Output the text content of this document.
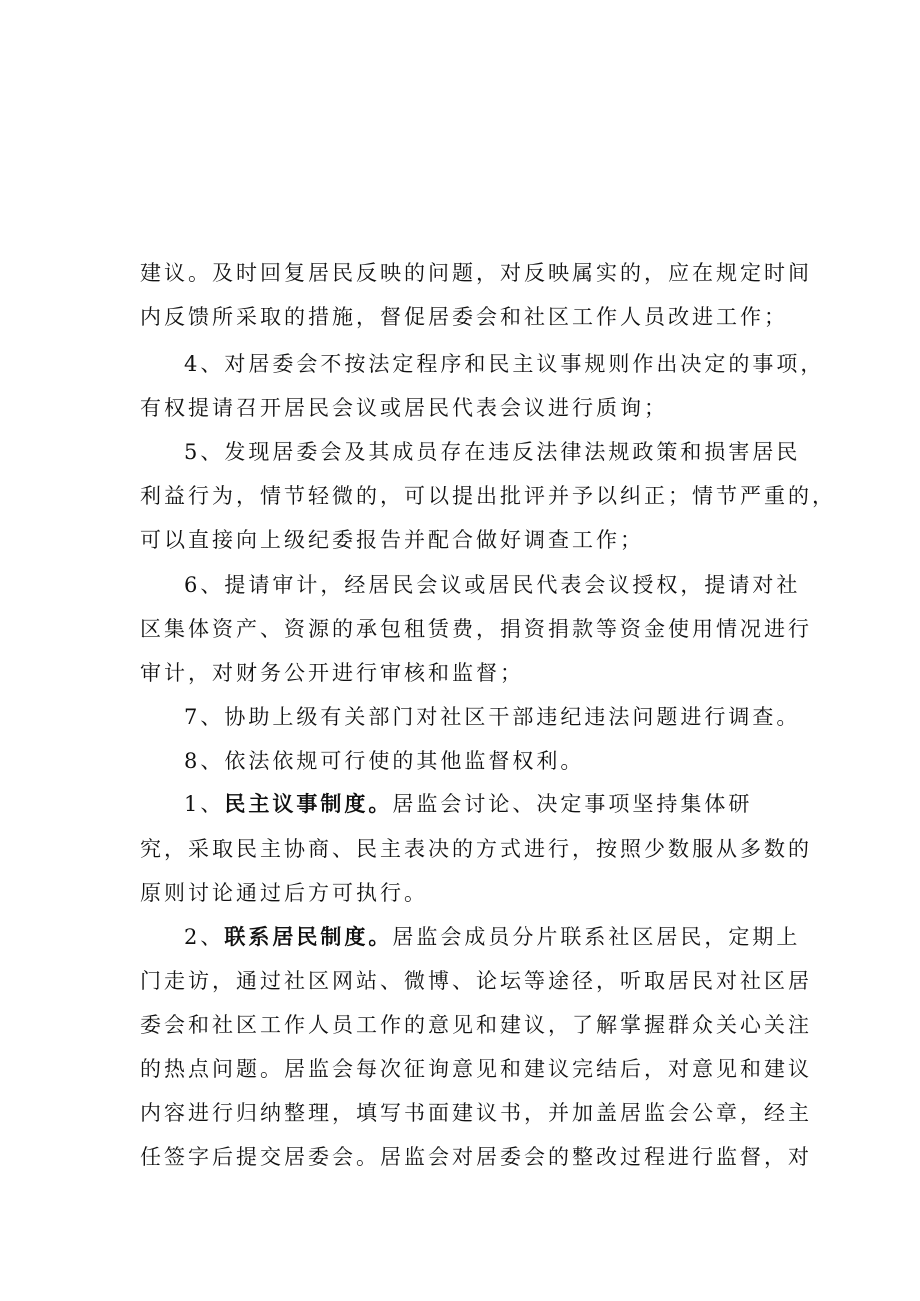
建议。及时回复居民反映的问题，对反映属实的，应在规定时间
内反馈所采取的措施，督促居委会和社区工作人员改进工作；
4、对居委会不按法定程序和民主议事规则作出决定的事项，
有权提请召开居民会议或居民代表会议进行质询；
5、发现居委会及其成员存在违反法律法规政策和损害居民
利益行为，情节轻微的，可以提出批评并予以纠正；情节严重的，
可以直接向上级纪委报告并配合做好调查工作；
6、提请审计，经居民会议或居民代表会议授权，提请对社
区集体资产、资源的承包租赁费，捐资捐款等资金使用情况进行
审计，对财务公开进行审核和监督；
7、协助上级有关部门对社区干部违纪违法问题进行调查。
8、依法依规可行使的其他监督权利。
1、民主议事制度。居监会讨论、决定事项坚持集体研
究，采取民主协商、民主表决的方式进行，按照少数服从多数的
原则讨论通过后方可执行。
2、联系居民制度。居监会成员分片联系社区居民，定期上
门走访，通过社区网站、微博、论坛等途径，听取居民对社区居
委会和社区工作人员工作的意见和建议，了解掌握群众关心关注
的热点问题。居监会每次征询意见和建议完结后，对意见和建议
内容进行归纳整理，填写书面建议书，并加盖居监会公章，经主
任签字后提交居委会。居监会对居委会的整改过程进行监督，对
